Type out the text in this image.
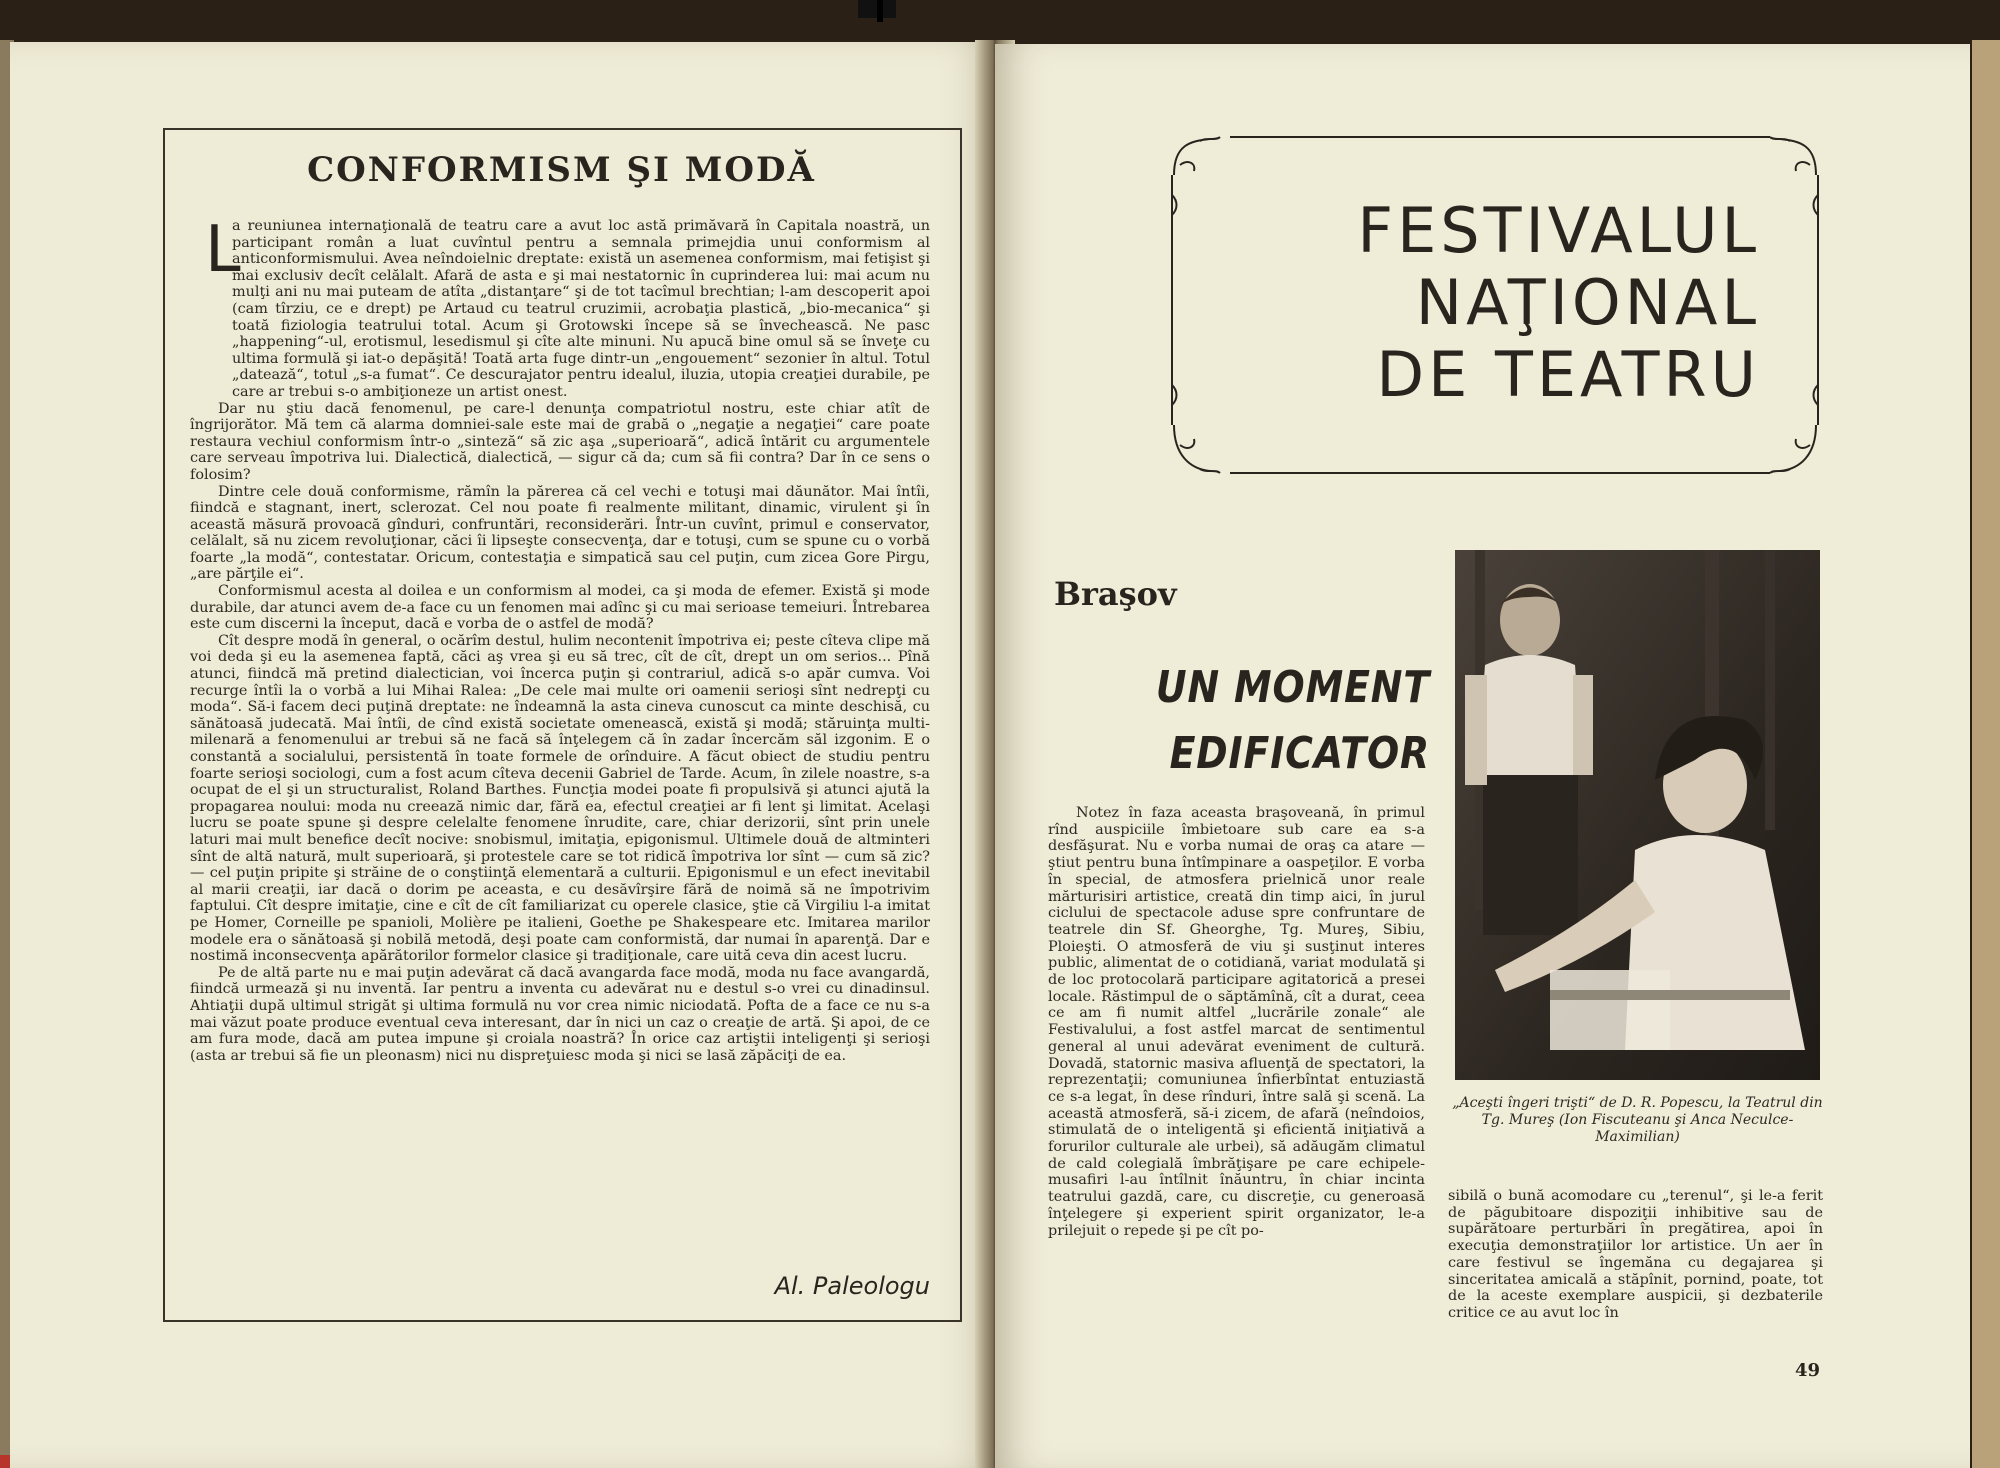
CONFORMISM ŞI MODĂ
L

a reuniunea internaţională de teatru care a avut loc astă primăvară în Capitala noastră, un participant român a luat cuvîntul pentru a semnala primejdia unui conformism al anticonformismului. Avea neîndoielnic dreptate: există un asemenea conformism, mai fetişist şi mai exclusiv decît celălalt. Afară de asta e şi mai nestatornic în cuprinderea lui: mai acum nu mulţi ani nu mai puteam de atîta „distanţare“ şi de tot tacîmul brechtian; l-am descoperit apoi (cam tîrziu, ce e drept) pe Artaud cu teatrul cruzimii, acrobaţia plastică, „bio-mecanica“ şi toată fiziologia teatrului total. Acum şi Grotowski începe să se învechească. Ne pasc „happening“-ul, erotismul, lesedismul şi cîte alte minuni. Nu apucă bine omul să se înveţe cu ultima formulă şi iat-o depăşită! Toată arta fuge dintr-un „engouement“ sezonier în altul. Totul „datează“, totul „s-a fumat“. Ce descurajator pentru idealul, iluzia, utopia creaţiei durabile, pe care ar trebui s-o ambiţioneze un artist onest.

Dar nu ştiu dacă fenomenul, pe care-l denunţa compatriotul nostru, este chiar atît de îngrijorător. Mă tem că alarma domniei-sale este mai de grabă o „negaţie a negaţiei“ care poate restaura vechiul conformism într-o „sinteză“ să zic aşa „superioară“, adică întărit cu argumentele care serveau împotriva lui. Dialectică, dialectică, — sigur că da; cum să fii contra? Dar în ce sens o folosim?

Dintre cele două conformisme, rămîn la părerea că cel vechi e totuşi mai dăunător. Mai întîi, fiindcă e stagnant, inert, sclerozat. Cel nou poate fi realmente militant, dinamic, virulent şi în această măsură provoacă gînduri, confruntări, reconsiderări. Într-un cuvînt, primul e conservator, celălalt, să nu zicem revoluţionar, căci îi lipseşte consecvenţa, dar e totuşi, cum se spune cu o vorbă foarte „la modă“, contestatar. Oricum, contestaţia e simpatică sau cel puţin, cum zicea Gore Pirgu, „are părţile ei“.

Conformismul acesta al doilea e un conformism al modei, ca şi moda de efemer. Există şi mode durabile, dar atunci avem de-a face cu un fenomen mai adînc şi cu mai serioase temeiuri. Întrebarea este cum discerni la început, dacă e vorba de o astfel de modă?

Cît despre modă în general, o ocărîm destul, hulim necontenit împotriva ei; peste cîteva clipe mă voi deda şi eu la asemenea faptă, căci aş vrea şi eu să trec, cît de cît, drept un om serios... Pînă atunci, fiindcă mă pretind dialectician, voi încerca puţin şi contrariul, adică s-o apăr cumva. Voi recurge întîi la o vorbă a lui Mihai Ralea: „De cele mai multe ori oamenii serioşi sînt nedrepţi cu moda“. Să-i facem deci puţină dreptate: ne îndeamnă la asta cineva cunoscut ca minte deschisă, cu sănătoasă judecată. Mai întîi, de cînd există societate omenească, există şi modă; stăruinţa multi-milenară a fenomenului ar trebui să ne facă să înţelegem că în zadar încercăm săl izgonim. E o constantă a socialului, persistentă în toate formele de orînduire. A făcut obiect de studiu pentru foarte serioşi sociologi, cum a fost acum cîteva decenii Gabriel de Tarde. Acum, în zilele noastre, s-a ocupat de el şi un structuralist, Roland Barthes. Funcţia modei poate fi propulsivă şi atunci ajută la propagarea noului: moda nu creează nimic dar, fără ea, efectul creaţiei ar fi lent şi limitat. Acelaşi lucru se poate spune şi despre celelalte fenomene înrudite, care, chiar derizorii, sînt prin unele laturi mai mult benefice decît nocive: snobismul, imitaţia, epigonismul. Ultimele două de altminteri sînt de altă natură, mult superioară, şi protestele care se tot ridică împotriva lor sînt — cum să zic? — cel puţin pripite şi străine de o conştiinţă elementară a culturii. Epigonismul e un efect inevitabil al marii creaţii, iar dacă o dorim pe aceasta, e cu desăvîrşire fără de noimă să ne împotrivim faptului. Cît despre imitaţie, cine e cît de cît familiarizat cu operele clasice, ştie că Virgiliu l-a imitat pe Homer, Corneille pe spanioli, Molière pe italieni, Goethe pe Shakespeare etc. Imitarea marilor modele era o sănătoasă şi nobilă metodă, deşi poate cam conformistă, dar numai în aparenţă. Dar e nostimă inconsecvenţa apărătorilor formelor clasice şi tradiţionale, care uită ceva din acest lucru.

Pe de altă parte nu e mai puţin adevărat că dacă avangarda face modă, moda nu face avangardă, fiindcă urmează şi nu inventă. Iar pentru a inventa cu adevărat nu e destul s-o vrei cu dinadinsul. Ahtiaţii după ultimul strigăt şi ultima formulă nu vor crea nimic niciodată. Pofta de a face ce nu s-a mai văzut poate produce eventual ceva interesant, dar în nici un caz o creaţie de artă. Şi apoi, de ce am fura mode, dacă am putea impune şi croiala noastră? În orice caz artiştii inteligenţi şi serioşi (asta ar trebui să fie un pleonasm) nici nu dispreţuiesc moda şi nici se lasă zăpăciţi de ea.

Al. Paleologu
FESTIVALUL
NAŢIONAL
DE TEATRU
Braşov
UN MOMENT
EDIFICATOR

Notez în faza aceasta braşoveană, în primul rînd auspiciile îmbietoare sub care ea s-a desfăşurat. Nu e vorba numai de oraş ca atare — ştiut pentru buna întîmpinare a oaspeţilor. E vorba în special, de atmosfera prielnică unor reale mărturisiri artistice, creată din timp aici, în jurul ciclului de spectacole aduse spre confruntare de teatrele din Sf. Gheorghe, Tg. Mureş, Sibiu, Ploieşti. O atmosferă de viu şi susţinut interes public, alimentat de o cotidiană, variat modulată şi de loc protocolară participare agitatorică a presei locale. Răstimpul de o săptămînă, cît a durat, ceea ce am fi numit altfel „lucrările zonale“ ale Festivalului, a fost astfel marcat de sentimentul general al unui adevărat eveniment de cultură. Dovadă, statornic masiva afluenţă de spectatori, la reprezentaţii; comuniunea înfierbîntat entuziastă ce s-a legat, în dese rînduri, între sală şi scenă. La această atmosferă, să-i zicem, de afară (neîndoios, stimulată de o inteligentă şi eficientă iniţiativă a forurilor culturale ale urbei), să adăugăm climatul de cald colegială îmbrăţişare pe care echipele-musafiri l-au întîlnit înăuntru, în chiar incinta teatrului gazdă, care, cu discreţie, cu generoasă înţelegere şi experient spirit organizator, le-a prilejuit o repede şi pe cît po-

„Aceşti îngeri trişti“ de D. R. Popescu, la Teatrul din Tg. Mureş (Ion Fiscuteanu şi Anca Neculce-Maximilian)

sibilă o bună acomodare cu „terenul“, şi le-a ferit de păgubitoare dispoziţii inhibitive sau de supărătoare perturbări în pregătirea, apoi în execuţia demonstraţiilor lor artistice. Un aer în care festivul se îngemăna cu degajarea şi sinceritatea amicală a stăpînit, pornind, poate, tot de la aceste exemplare auspicii, şi dezbaterile critice ce au avut loc în

49
